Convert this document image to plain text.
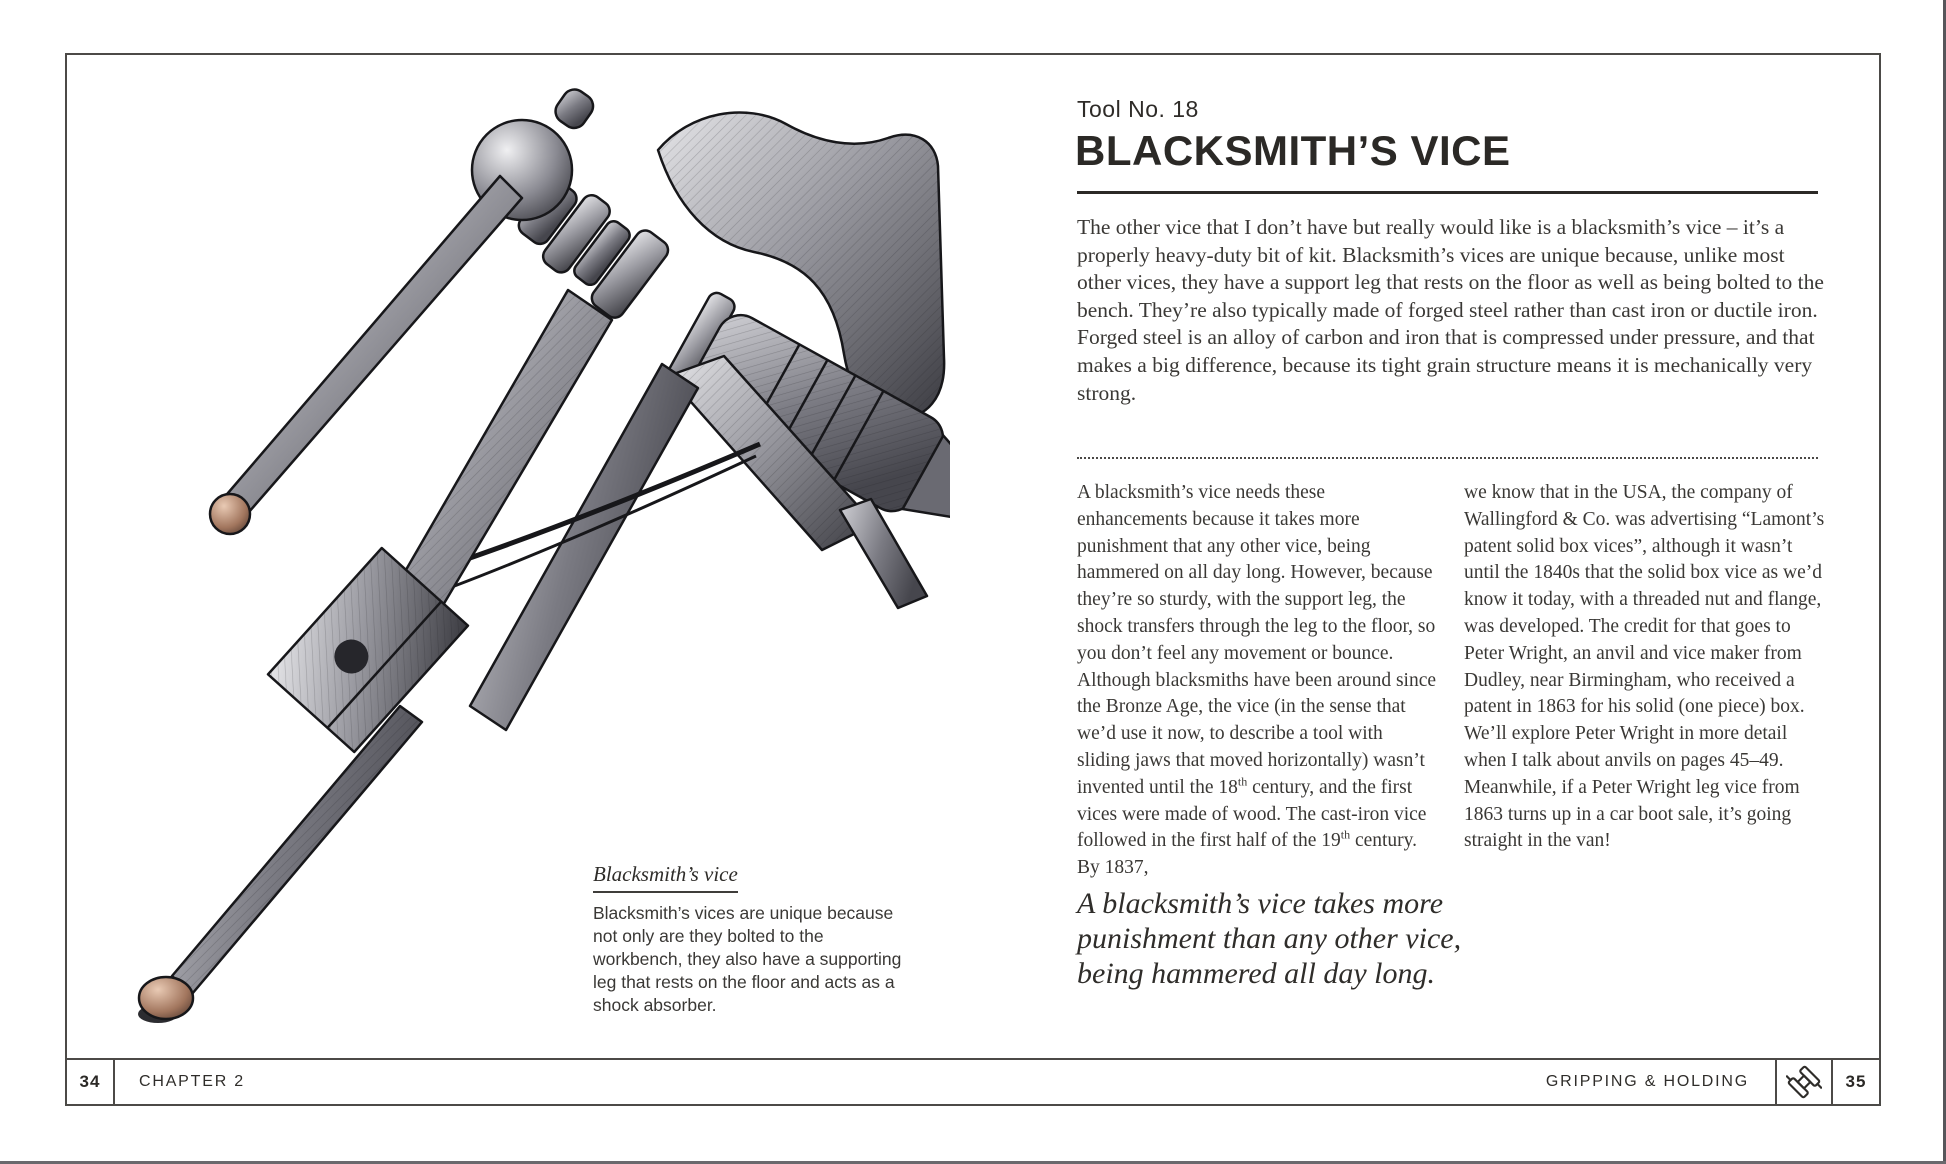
34	CHAPTER 2	GRIPPING & HOLDING	35
Tool No. 18
BLACKSMITH’S VICE
The other vice that I don’t have but really would like is a blacksmith’s vice – it’s a properly heavy-duty bit of kit. Blacksmith’s vices are unique because, unlike most other vices, they have a support leg that rests on the floor as well as being bolted to the bench. They’re also typically made of forged steel rather than cast iron or ductile iron. Forged steel is an alloy of carbon and iron that is compressed under pressure, and that makes a big difference, because its tight grain structure means it is mechanically very strong.
A blacksmith’s vice needs these enhancements because it takes more punishment that any other vice, being hammered on all day long. However, because they’re so sturdy, with the support leg, the shock transfers through the leg to the floor, so you don’t feel any movement or bounce. Although blacksmiths have been around since the Bronze Age, the vice (in the sense that we’d use it now, to describe a tool with sliding jaws that moved horizontally) wasn’t invented until the 18th century, and the first vices were made of wood. The cast-iron vice followed in the first half of the 19th century. By 1837,
we know that in the USA, the company of Wallingford & Co. was advertising “Lamont’s patent solid box vices”, although it wasn’t until the 1840s that the solid box vice as we’d know it today, with a threaded nut and flange, was developed. The credit for that goes to Peter Wright, an anvil and vice maker from Dudley, near Birmingham, who received a patent in 1863 for his solid (one piece) box. We’ll explore Peter Wright in more detail when I talk about anvils on pages 45–49. Meanwhile, if a Peter Wright leg vice from 1863 turns up in a car boot sale, it’s going straight in the van!
A blacksmith’s vice takes more
punishment than any other vice,
being hammered all day long.
Blacksmith’s vice
Blacksmith’s vices are unique because not only are they bolted to the workbench, they also have a supporting leg that rests on the floor and acts as a shock absorber.
